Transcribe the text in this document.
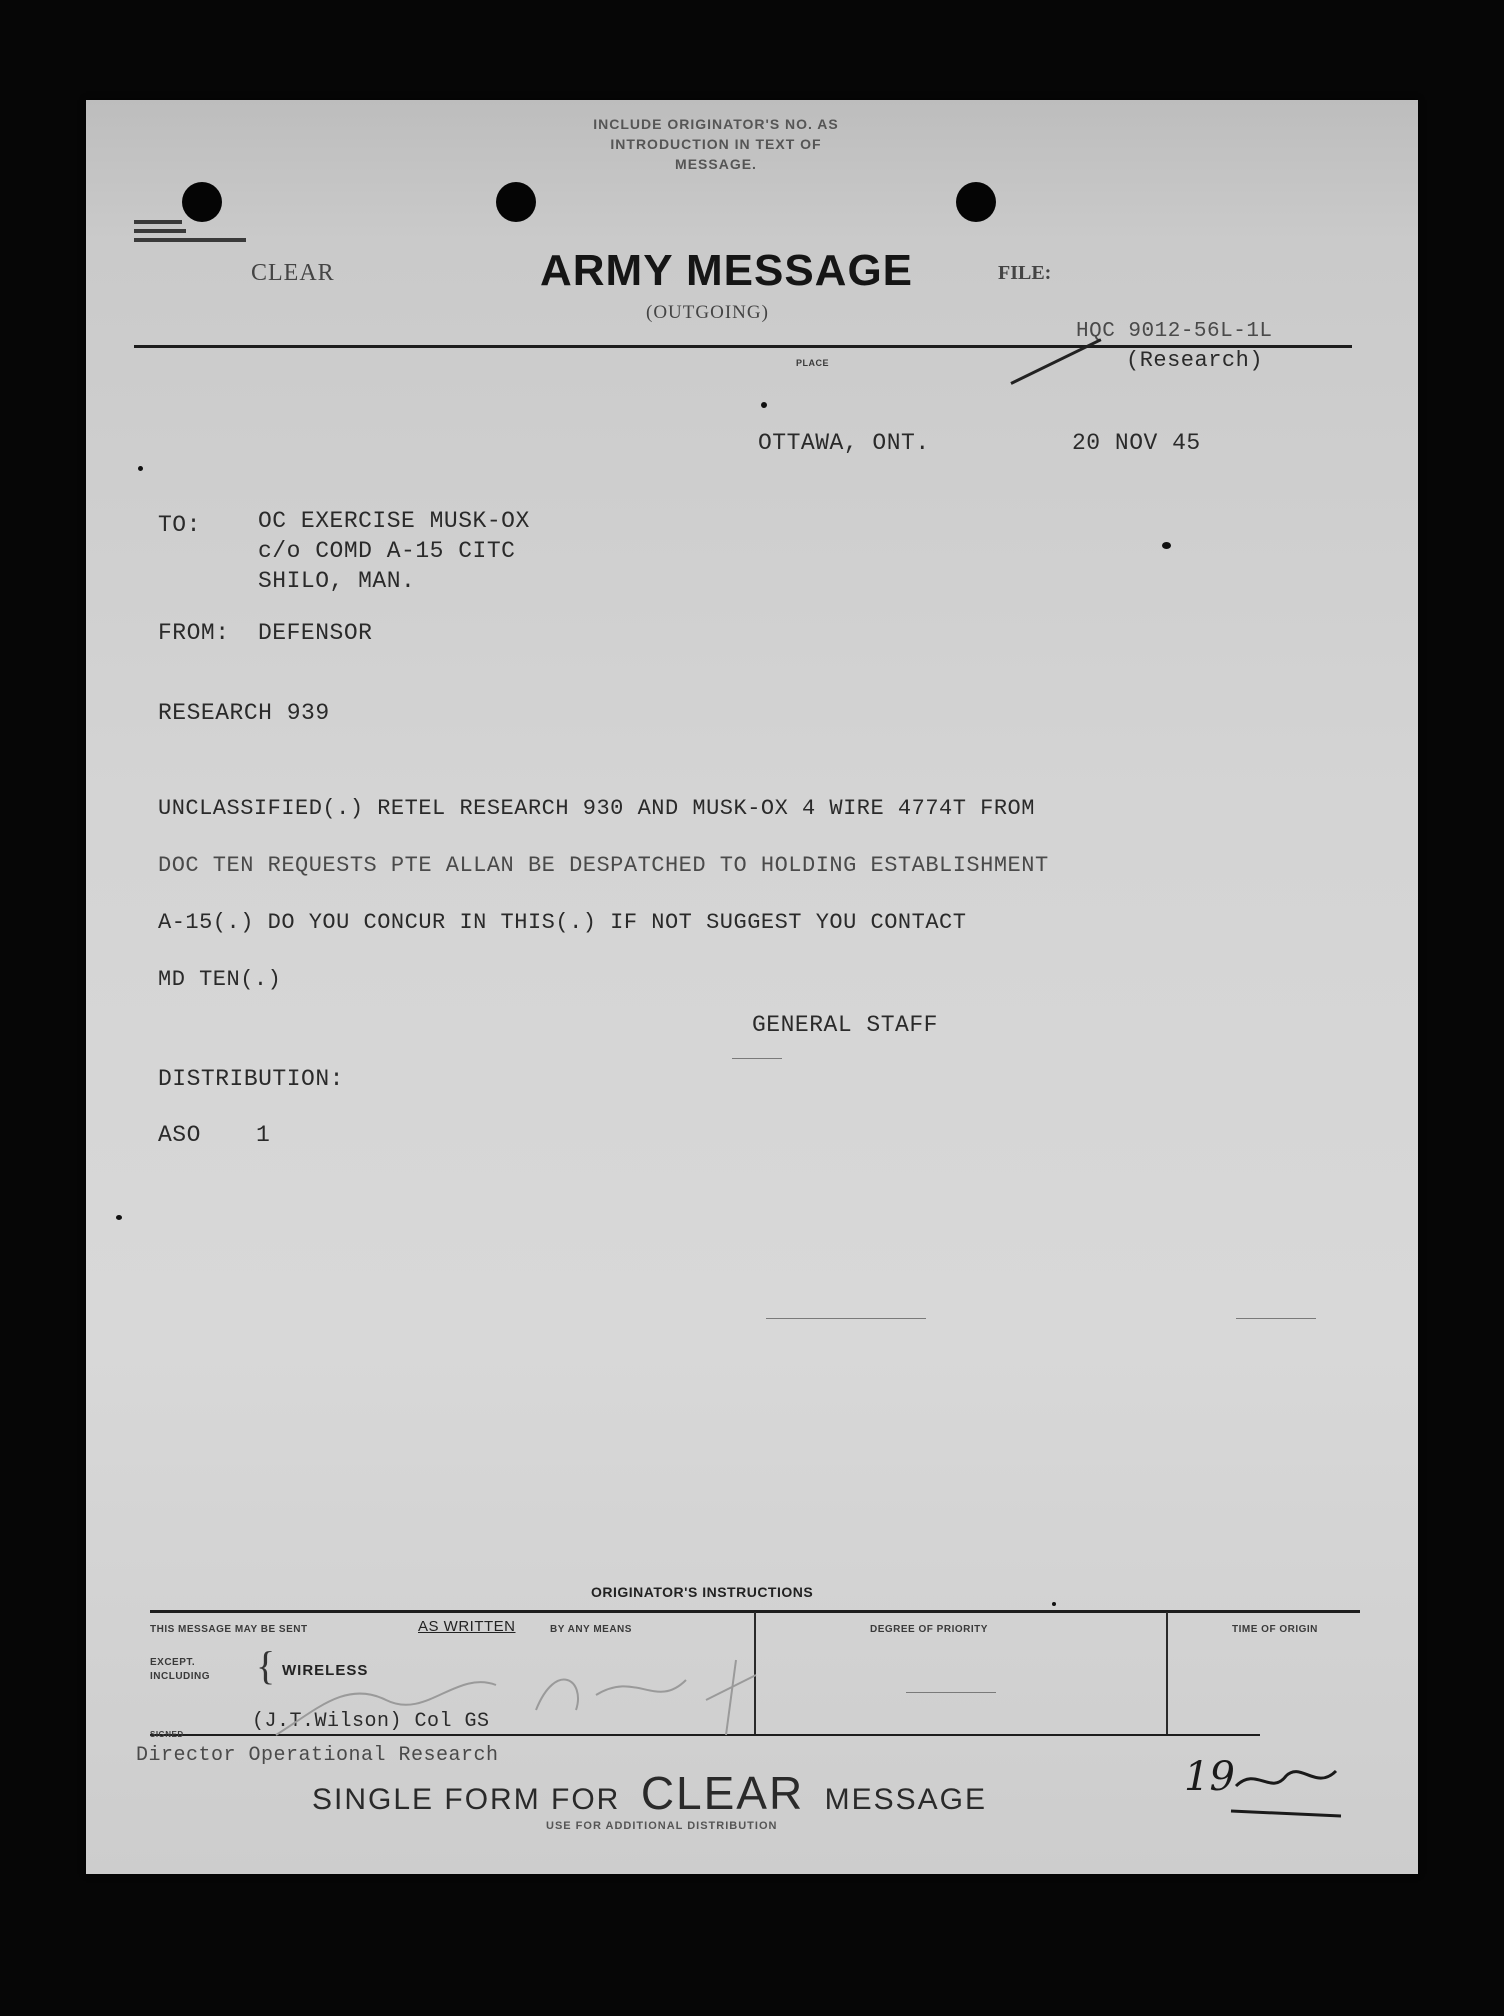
INCLUDE ORIGINATOR'S NO. AS
INTRODUCTION IN TEXT OF
MESSAGE.
CLEAR	ARMY MESSAGE
(OUTGOING)
FILE:
HQC 9012-56L-1L
(Research)
PLACE
OTTAWA, ONT.	20 NOV 45
TO: OC EXERCISE MUSK-OX
c/o COMD A-15 CITC
SHILO, MAN.
FROM: DEFENSOR
RESEARCH 939
UNCLASSIFIED(.) RETEL RESEARCH 930 AND MUSK-OX 4 WIRE 4774T FROM
DOC TEN REQUESTS PTE ALLAN BE DESPATCHED TO HOLDING ESTABLISHMENT
A-15(.) DO YOU CONCUR IN THIS(.) IF NOT SUGGEST YOU CONTACT
MD TEN(.)
GENERAL STAFF
DISTRIBUTION:
ASO 1
ORIGINATOR'S INSTRUCTIONS
THIS MESSAGE MAY BE SENT	AS WRITTEN	BY ANY MEANS
EXCEPT.
INCLUDING { WIRELESS
DEGREE OF PRIORITY	TIME OF ORIGIN
SIGNED
(J.T.Wilson) Col GS
Director Operational Research
SINGLE FORM FOR CLEAR MESSAGE
USE FOR ADDITIONAL DISTRIBUTION
19
